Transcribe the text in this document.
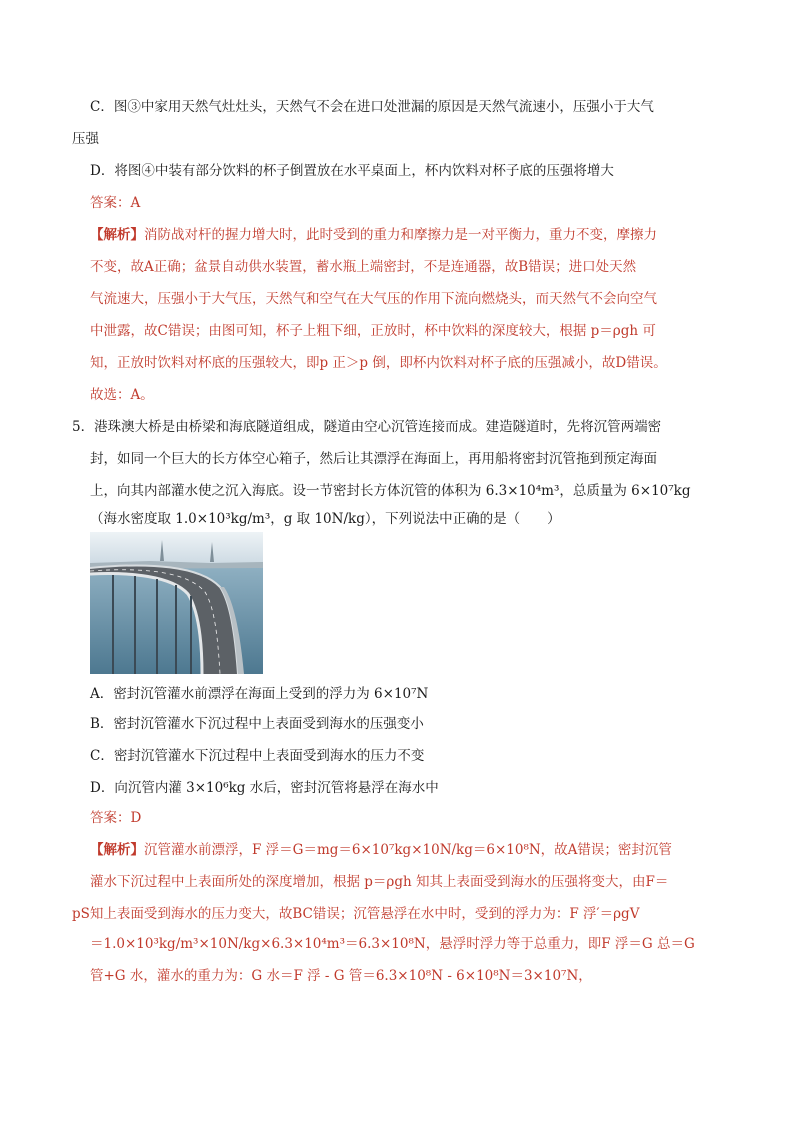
C．图③中家用天然气灶灶头，天然气不会在进口处泄漏的原因是天然气流速小，压强小于大气
压强
D．将图④中装有部分饮料的杯子倒置放在水平桌面上，杯内饮料对杯子底的压强将增大
答案：A
【解析】消防战对杆的握力增大时，此时受到的重力和摩擦力是一对平衡力，重力不变，摩擦力
不变，故A正确；盆景自动供水装置，蓄水瓶上端密封，不是连通器，故B错误；进口处天然
气流速大，压强小于大气压，天然气和空气在大气压的作用下流向燃烧头，而天然气不会向空气
中泄露，故C错误；由图可知，杯子上粗下细，正放时，杯中饮料的深度较大，根据 p＝ρgh 可
知，正放时饮料对杯底的压强较大，即p 正＞p 倒，即杯内饮料对杯子底的压强减小，故D错误。
故选：A。
5．港珠澳大桥是由桥梁和海底隧道组成，隧道由空心沉管连接而成。建造隧道时，先将沉管两端密
封，如同一个巨大的长方体空心箱子，然后让其漂浮在海面上，再用船将密封沉管拖到预定海面
上，向其内部灌水使之沉入海底。设一节密封长方体沉管的体积为 6.3×10⁴m³，总质量为 6×10⁷kg
（海水密度取 1.0×10³kg/m³，g 取 10N/kg），下列说法中正确的是（　　）
A．密封沉管灌水前漂浮在海面上受到的浮力为 6×10⁷N
B．密封沉管灌水下沉过程中上表面受到海水的压强变小
C．密封沉管灌水下沉过程中上表面受到海水的压力不变
D．向沉管内灌 3×10⁶kg 水后，密封沉管将悬浮在海水中
答案：D
【解析】沉管灌水前漂浮，F 浮＝G＝mg＝6×10⁷kg×10N/kg＝6×10⁸N，故A错误；密封沉管
灌水下沉过程中上表面所处的深度增加，根据 p＝ρgh 知其上表面受到海水的压强将变大，由F＝
pS知上表面受到海水的压力变大，故BC错误；沉管悬浮在水中时，受到的浮力为：F 浮′＝ρgV
＝1.0×10³kg/m³×10N/kg×6.3×10⁴m³＝6.3×10⁸N，悬浮时浮力等于总重力，即F 浮＝G 总＝G
管+G 水，灌水的重力为：G 水＝F 浮 - G 管＝6.3×10⁸N - 6×10⁸N＝3×10⁷N，
